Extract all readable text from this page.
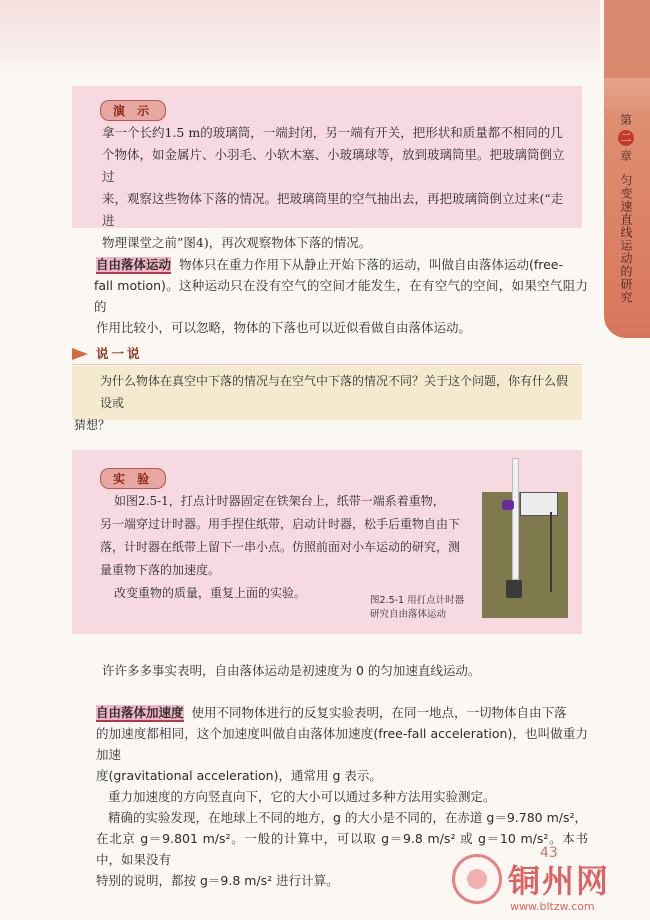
第
二
章
匀变速直线运动的研究
演 示
拿一个长约1.5 m的玻璃筒，一端封闭，另一端有开关，把形状和质量都不相同的几
个物体，如金属片、小羽毛、小软木塞、小玻璃球等，放到玻璃筒里。把玻璃筒倒立过
来，观察这些物体下落的情况。把玻璃筒里的空气抽出去，再把玻璃筒倒立过来(“走进
物理课堂之前”图4)，再次观察物体下落的情况。
自由落体运动 物体只在重力作用下从静止开始下落的运动，叫做自由落体运动(free-
fall motion)。这种运动只在没有空气的空间才能发生，在有空气的空间，如果空气阻力的
作用比较小，可以忽略，物体的下落也可以近似看做自由落体运动。
说一说
为什么物体在真空中下落的情况与在空气中下落的情况不同？关于这个问题，你有什么假设或
猜想？
实 验
如图2.5-1，打点计时器固定在铁架台上，纸带一端系着重物，
另一端穿过计时器。用手捏住纸带，启动计时器，松手后重物自由下
落，计时器在纸带上留下一串小点。仿照前面对小车运动的研究，测
量重物下落的加速度。
改变重物的质量，重复上面的实验。
图2.5-1 用打点计时器
研究自由落体运动
许许多多事实表明，自由落体运动是初速度为 0 的匀加速直线运动。
自由落体加速度 使用不同物体进行的反复实验表明，在同一地点，一切物体自由下落
的加速度都相同，这个加速度叫做自由落体加速度(free-fall acceleration)，也叫做重力加速
度(gravitational acceleration)，通常用 g 表示。
重力加速度的方向竖直向下，它的大小可以通过多种方法用实验测定。
精确的实验发现，在地球上不同的地方，g 的大小是不同的，在赤道 g＝9.780 m/s²，
在北京 g＝9.801 m/s²。一般的计算中，可以取 g＝9.8 m/s² 或 g＝10 m/s²。本书中，如果没有
特别的说明，都按 g＝9.8 m/s² 进行计算。
43
铜州网
www.bltzw.com
